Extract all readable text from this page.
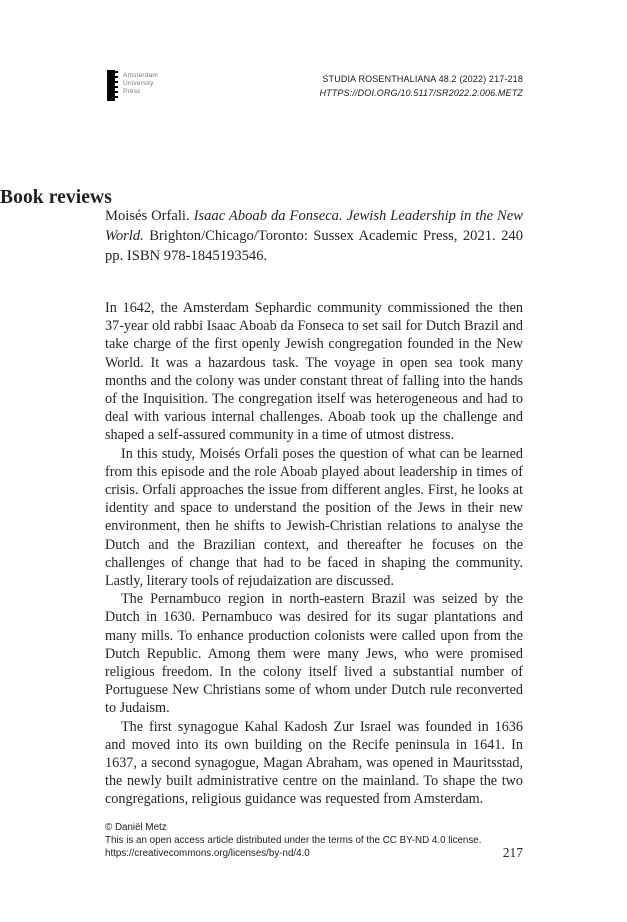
Amsterdam
University
Press
STUDIA ROSENTHALIANA 48.2 (2022) 217-218
HTTPS://DOI.ORG/10.5117/SR2022.2.006.METZ
Book reviews
Moisés Orfali. Isaac Aboab da Fonseca. Jewish Leadership in the New World. Brighton/Chicago/Toronto: Sussex Academic Press, 2021. 240 pp. ISBN 978-1845193546.

In 1642, the Amsterdam Sephardic community commissioned the then 37-year old rabbi Isaac Aboab da Fonseca to set sail for Dutch Brazil and take charge of the first openly Jewish congregation founded in the New World. It was a hazardous task. The voyage in open sea took many months and the colony was under constant threat of falling into the hands of the Inquisition. The congregation itself was heterogeneous and had to deal with various internal challenges. Aboab took up the challenge and shaped a self-assured community in a time of utmost distress.

In this study, Moisés Orfali poses the question of what can be learned from this episode and the role Aboab played about leadership in times of crisis. Orfali approaches the issue from different angles. First, he looks at identity and space to understand the position of the Jews in their new environment, then he shifts to Jewish-Christian relations to analyse the Dutch and the Brazilian context, and thereafter he focuses on the challenges of change that had to be faced in shaping the community. Lastly, literary tools of rejudaization are discussed.

The Pernambuco region in north-eastern Brazil was seized by the Dutch in 1630. Pernambuco was desired for its sugar plantations and many mills. To enhance production colonists were called upon from the Dutch Republic. Among them were many Jews, who were promised religious freedom. In the colony itself lived a substantial number of Portuguese New Christians some of whom under Dutch rule reconverted to Judaism.

The first synagogue Kahal Kadosh Zur Israel was founded in 1636 and moved into its own building on the Recife peninsula in 1641. In 1637, a second synagogue, Magan Abraham, was opened in Mauritsstad, the newly built administrative centre on the mainland. To shape the two congregations, religious guidance was requested from Amsterdam.

© Daniël Metz
This is an open access article distributed under the terms of the CC BY-ND 4.0 license.
https://creativecommons.org/licenses/by-nd/4.0	217
